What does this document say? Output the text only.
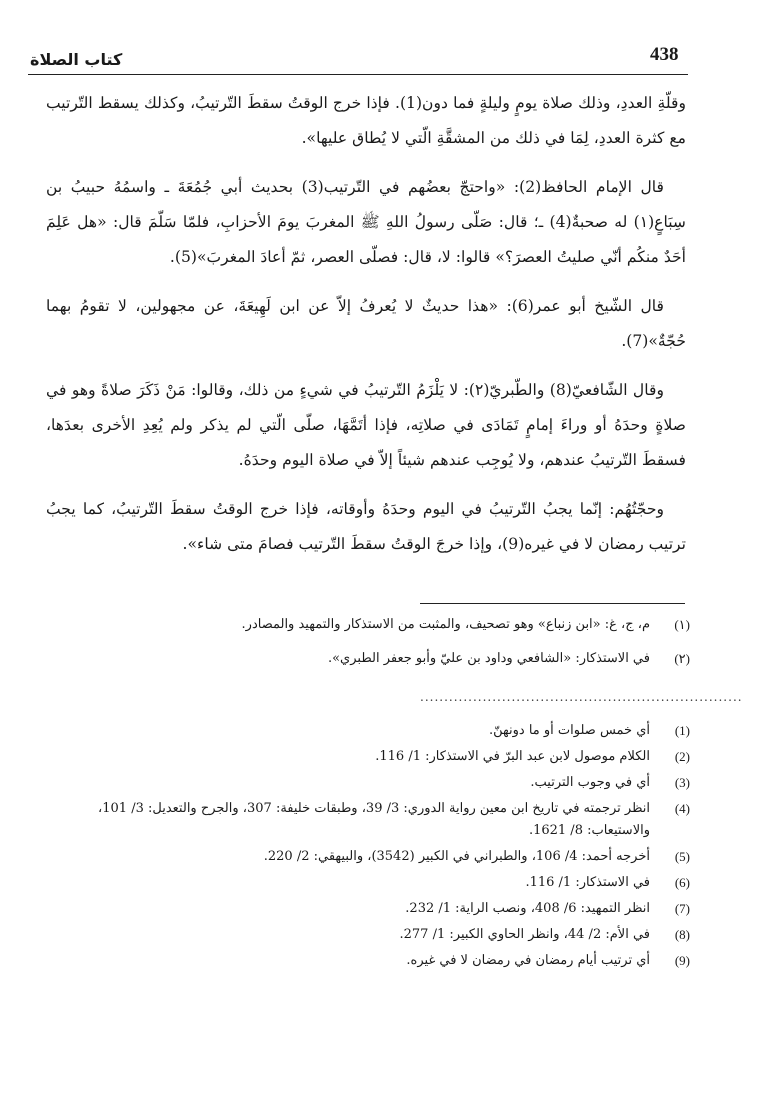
438
كتاب الصلاة

وقلّةِ العددِ، وذلك صلاة يومٍ وليلةٍ فما دون(1). فإذا خرج الوقتُ سقطَ التّرتيبُ، وكذلك يسقط التّرتيب مع كثرة العددِ، لِمَا في ذلك من المشقَّةِ الّتي لا يُطاق عليها».

قال الإمام الحافظ(2): «واحتجّ بعضُهم في التّرتيب(3) بحديث أبي جُمُعَةَ ـ واسمُهُ حبيبُ بن سِبَاعٍ(١) له صحبةٌ(4) ـ؛ قال: صَلّى رسولُ اللهِ ﷺ المغربَ يومَ الأحزابِ، فلمّا سَلّمَ قال: «هل عَلِمَ أحَدٌ منكُم أنّي صليتُ العصرَ؟» قالوا: لا، قال: فصلّى العصر، ثمّ أعادَ المغربَ»(5).

قال الشّيخ أبو عمر(6): «هذا حديثٌ لا يُعرفُ إلاّ عن ابن لَهِيعَةَ، عن مجهولين، لا تقومُ بهما حُجّةٌ»(7).

وقال الشّافعيّ(8) والطّبريّ(٢): لا يَلْزَمُ التّرتيبُ في شيءٍ من ذلك، وقالوا: مَنْ ذَكَرَ صلاةً وهو في صلاةٍ وحدَهُ أو وراءَ إمامٍ تَمَادَى في صلاتِه، فإذا أتَمَّهَا، صلّى الّتي لم يذكر ولم يُعِدِ الأخرى بعدَها، فسقطَ التّرتيبُ عندهم، ولا يُوجِب عندهم شيئاً إلاّ في صلاة اليوم وحدَهُ.

وحجّتُهُم: إنّما يجبُ التّرتيبُ في اليوم وحدَهُ وأوقاته، فإذا خرج الوقتُ سقطَ التّرتيبُ، كما يجبُ ترتيب رمضان لا في غيره(9)، وإذا خرجَ الوقتُ سقطَ التّرتيب فصامَ متى شاء».

(١)
م، ج، غ: «ابن زنباع» وهو تصحيف، والمثبت من الاستذكار والتمهيد والمصادر.
(٢)
في الاستذكار: «الشافعي وداود بن عليّ وأبو جعفر الطبري».
...................................................................
(1)
أي خمس صلوات أو ما دونهنّ.
(2)
الكلام موصول لابن عبد البرّ في الاستذكار: 1/ 116.
(3)
أي في وجوب الترتيب.
(4)
انظر ترجمته في تاريخ ابن معين رواية الدوري: 3/ 39، وطبقات خليفة: 307، والجرح والتعديل: 3/ 101، والاستيعاب: 8/ 1621.
(5)
أخرجه أحمد: 4/ 106، والطبراني في الكبير (3542)، والبيهقي: 2/ 220.
(6)
في الاستذكار: 1/ 116.
(7)
انظر التمهيد: 6/ 408، ونصب الراية: 1/ 232.
(8)
في الأم: 2/ 44، وانظر الحاوي الكبير: 1/ 277.
(9)
أي ترتيب أيام رمضان في رمضان لا في غيره.
